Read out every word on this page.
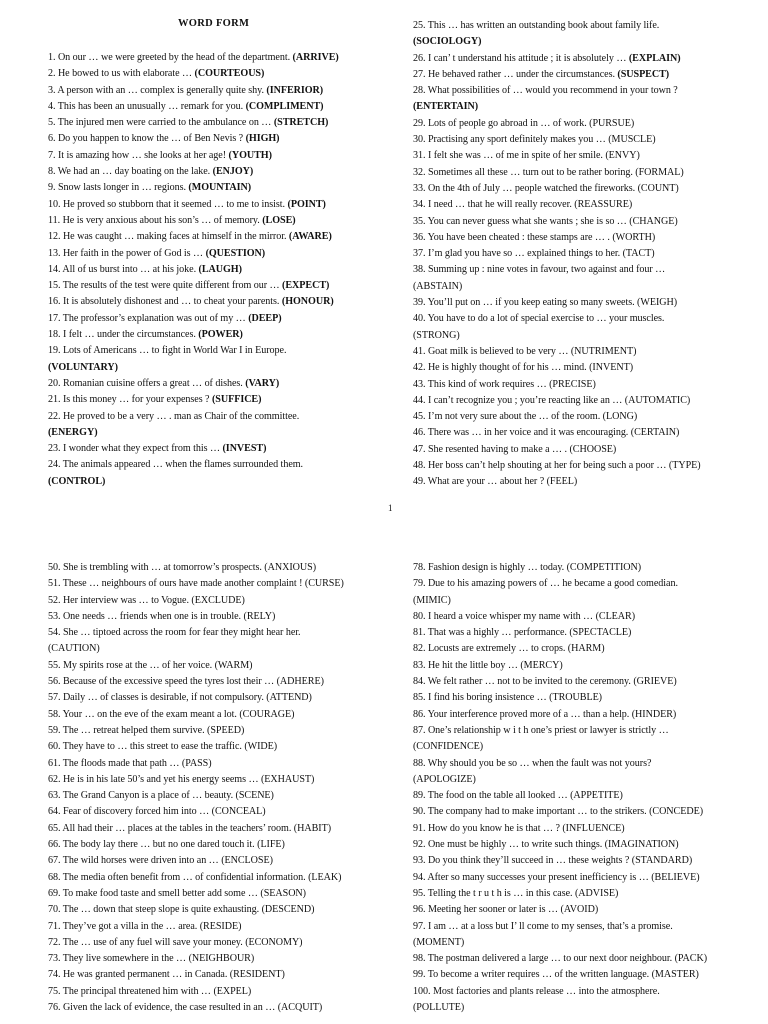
WORD FORM
1. On our … we were greeted by the head of the department. (ARRIVE)
2. He bowed to us with elaborate … (COURTEOUS)
3. A person with an … complex is generally quite shy. (INFERIOR)
4. This has been an unusually … remark for you. (COMPLIMENT)
5. The injured men were carried to the ambulance on … (STRETCH)
6. Do you happen to know the … of Ben Nevis ? (HIGH)
7. It is amazing how … she looks at her age! (YOUTH)
8. We had an … day boating on the lake. (ENJOY)
9. Snow lasts longer in … regions. (MOUNTAIN)
10. He proved so stubborn that it seemed … to me to insist. (POINT)
11. He is very anxious about his son’s … of memory. (LOSE)
12. He was caught … making faces at himself in the mirror. (AWARE)
13. Her faith in the power of God is … (QUESTION)
14. All of us burst into … at his joke. (LAUGH)
15. The results of the test were quite different from our … (EXPECT)
16. It is absolutely dishonest and … to cheat your parents. (HONOUR)
17. The professor’s explanation was out of my … (DEEP)
18. I felt … under the circumstances. (POWER)
19. Lots of Americans … to fight in World War I in Europe.
(VOLUNTARY)
20. Romanian cuisine offers a great … of dishes. (VARY)
21. Is this money … for your expenses ? (SUFFICE)
22. He proved to be a very … . man as Chair of the committee.
(ENERGY)
23. I wonder what they expect from this … (INVEST)
24. The animals appeared … when the flames surrounded them.
(CONTROL)
25. This … has written an outstanding book about family life.
(SOCIOLOGY)
26. I can’ t understand his attitude ; it is absolutely … (EXPLAIN)
27. He behaved rather … under the circumstances. (SUSPECT)
28. What possibilities of … would you recommend in your town ?
(ENTERTAIN)
29. Lots of people go abroad in … of work. (PURSUE)
30. Practising any sport definitely makes you … (MUSCLE)
31. I felt she was … of me in spite of her smile. (ENVY)
32. Sometimes all these … turn out to be rather boring. (FORMAL)
33. On the 4th of July … people watched the fireworks. (COUNT)
34. I need … that he will really recover. (REASSURE)
35. You can never guess what she wants ; she is so … (CHANGE)
36. You have been cheated : these stamps are … . (WORTH)
37. I’m glad you have so … explained things to her. (TACT)
38. Summing up : nine votes in favour, two against and four …
(ABSTAIN)
39. You’ll put on … if you keep eating so many sweets. (WEIGH)
40. You have to do a lot of special exercise to … your muscles.
(STRONG)
41. Goat milk is believed to be very … (NUTRIMENT)
42. He is highly thought of for his … mind. (INVENT)
43. This kind of work requires … (PRECISE)
44. I can’t recognize you ; you’re reacting like an … (AUTOMATIC)
45. I’m not very sure about the … of the room. (LONG)
46. There was … in her voice and it was encouraging. (CERTAIN)
47. She resented having to make a … . (CHOOSE)
48. Her boss can’t help shouting at her for being such a poor … (TYPE)
49. What are your … about her ? (FEEL)
1
50. She is trembling with … at tomorrow’s prospects. (ANXIOUS)
51. These … neighbours of ours have made another complaint ! (CURSE)
52. Her interview was … to Vogue. (EXCLUDE)
53. One needs … friends when one is in trouble. (RELY)
54. She … tiptoed across the room for fear they might hear her.
(CAUTION)
55. My spirits rose at the … of her voice. (WARM)
56. Because of the excessive speed the tyres lost their … (ADHERE)
57. Daily … of classes is desirable, if not compulsory. (ATTEND)
58. Your … on the eve of the exam meant a lot. (COURAGE)
59. The … retreat helped them survive. (SPEED)
60. They have to … this street to ease the traffic. (WIDE)
61. The floods made that path … (PASS)
62. He is in his late 50’s and yet his energy seems … (EXHAUST)
63. The Grand Canyon is a place of … beauty. (SCENE)
64. Fear of discovery forced him into … (CONCEAL)
65. All had their … places at the tables in the teachers’ room. (HABIT)
66. The body lay there … but no one dared touch it. (LIFE)
67. The wild horses were driven into an … (ENCLOSE)
68. The media often benefit from … of confidential information. (LEAK)
69. To make food taste and smell better add some … (SEASON)
70. The … down that steep slope is quite exhausting. (DESCEND)
71. They’ve got a villa in the … area. (RESIDE)
72. The … use of any fuel will save your money. (ECONOMY)
73. They live somewhere in the … (NEIGHBOUR)
74. He was granted permanent … in Canada. (RESIDENT)
75. The principal threatened him with … (EXPEL)
76. Given the lack of evidence, the case resulted in an … (ACQUIT)
78. Fashion design is highly … today. (COMPETITION)
79. Due to his amazing powers of … he became a good comedian.
(MIMIC)
80. I heard a voice whisper my name with … (CLEAR)
81. That was a highly … performance. (SPECTACLE)
82. Locusts are extremely … to crops. (HARM)
83. He hit the little boy … (MERCY)
84. We felt rather … not to be invited to the ceremony. (GRIEVE)
85. I find his boring insistence … (TROUBLE)
86. Your interference proved more of a … than a help. (HINDER)
87. One’s relationship w i t h one’s priest or lawyer is strictly …
(CONFIDENCE)
88. Why should you be so … when the fault was not yours?
(APOLOGIZE)
89. The food on the table all looked … (APPETITE)
90. The company had to make important … to the strikers. (CONCEDE)
91. How do you know he is that … ? (INFLUENCE)
92. One must be highly … to write such things. (IMAGINATION)
93. Do you think they’ll succeed in … these weights ? (STANDARD)
94. After so many successes your present inefficiency is … (BELIEVE)
95. Telling the t r u t h is … in this case. (ADVISE)
96. Meeting her sooner or later is … (AVOID)
97. I am … at a loss but I’ ll come to my senses, that’s a promise.
(MOMENT)
98. The postman delivered a large … to our next door neighbour. (PACK)
99. To become a writer requires … of the written language. (MASTER)
100. Most factories and plants release … into the atmosphere.
(POLLUTE)
